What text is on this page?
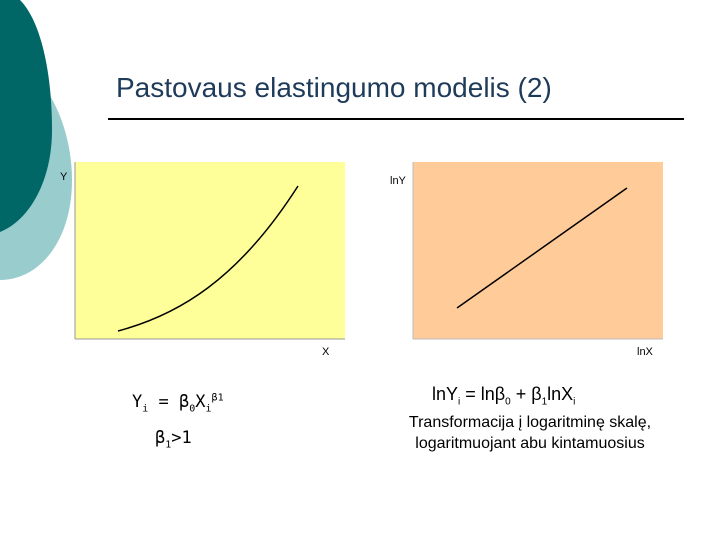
Pastovaus elastingumo modelis (2)
Y
X
lnY
lnX
$Y_i = \beta_0X_i^{\beta 1}$
$\beta_1>1$
$\ln Y_i = \ln\beta_0 + \beta_1\ln X_i$
Transformacija į logaritminę skalę, logaritmuojant abu kintamuosius
